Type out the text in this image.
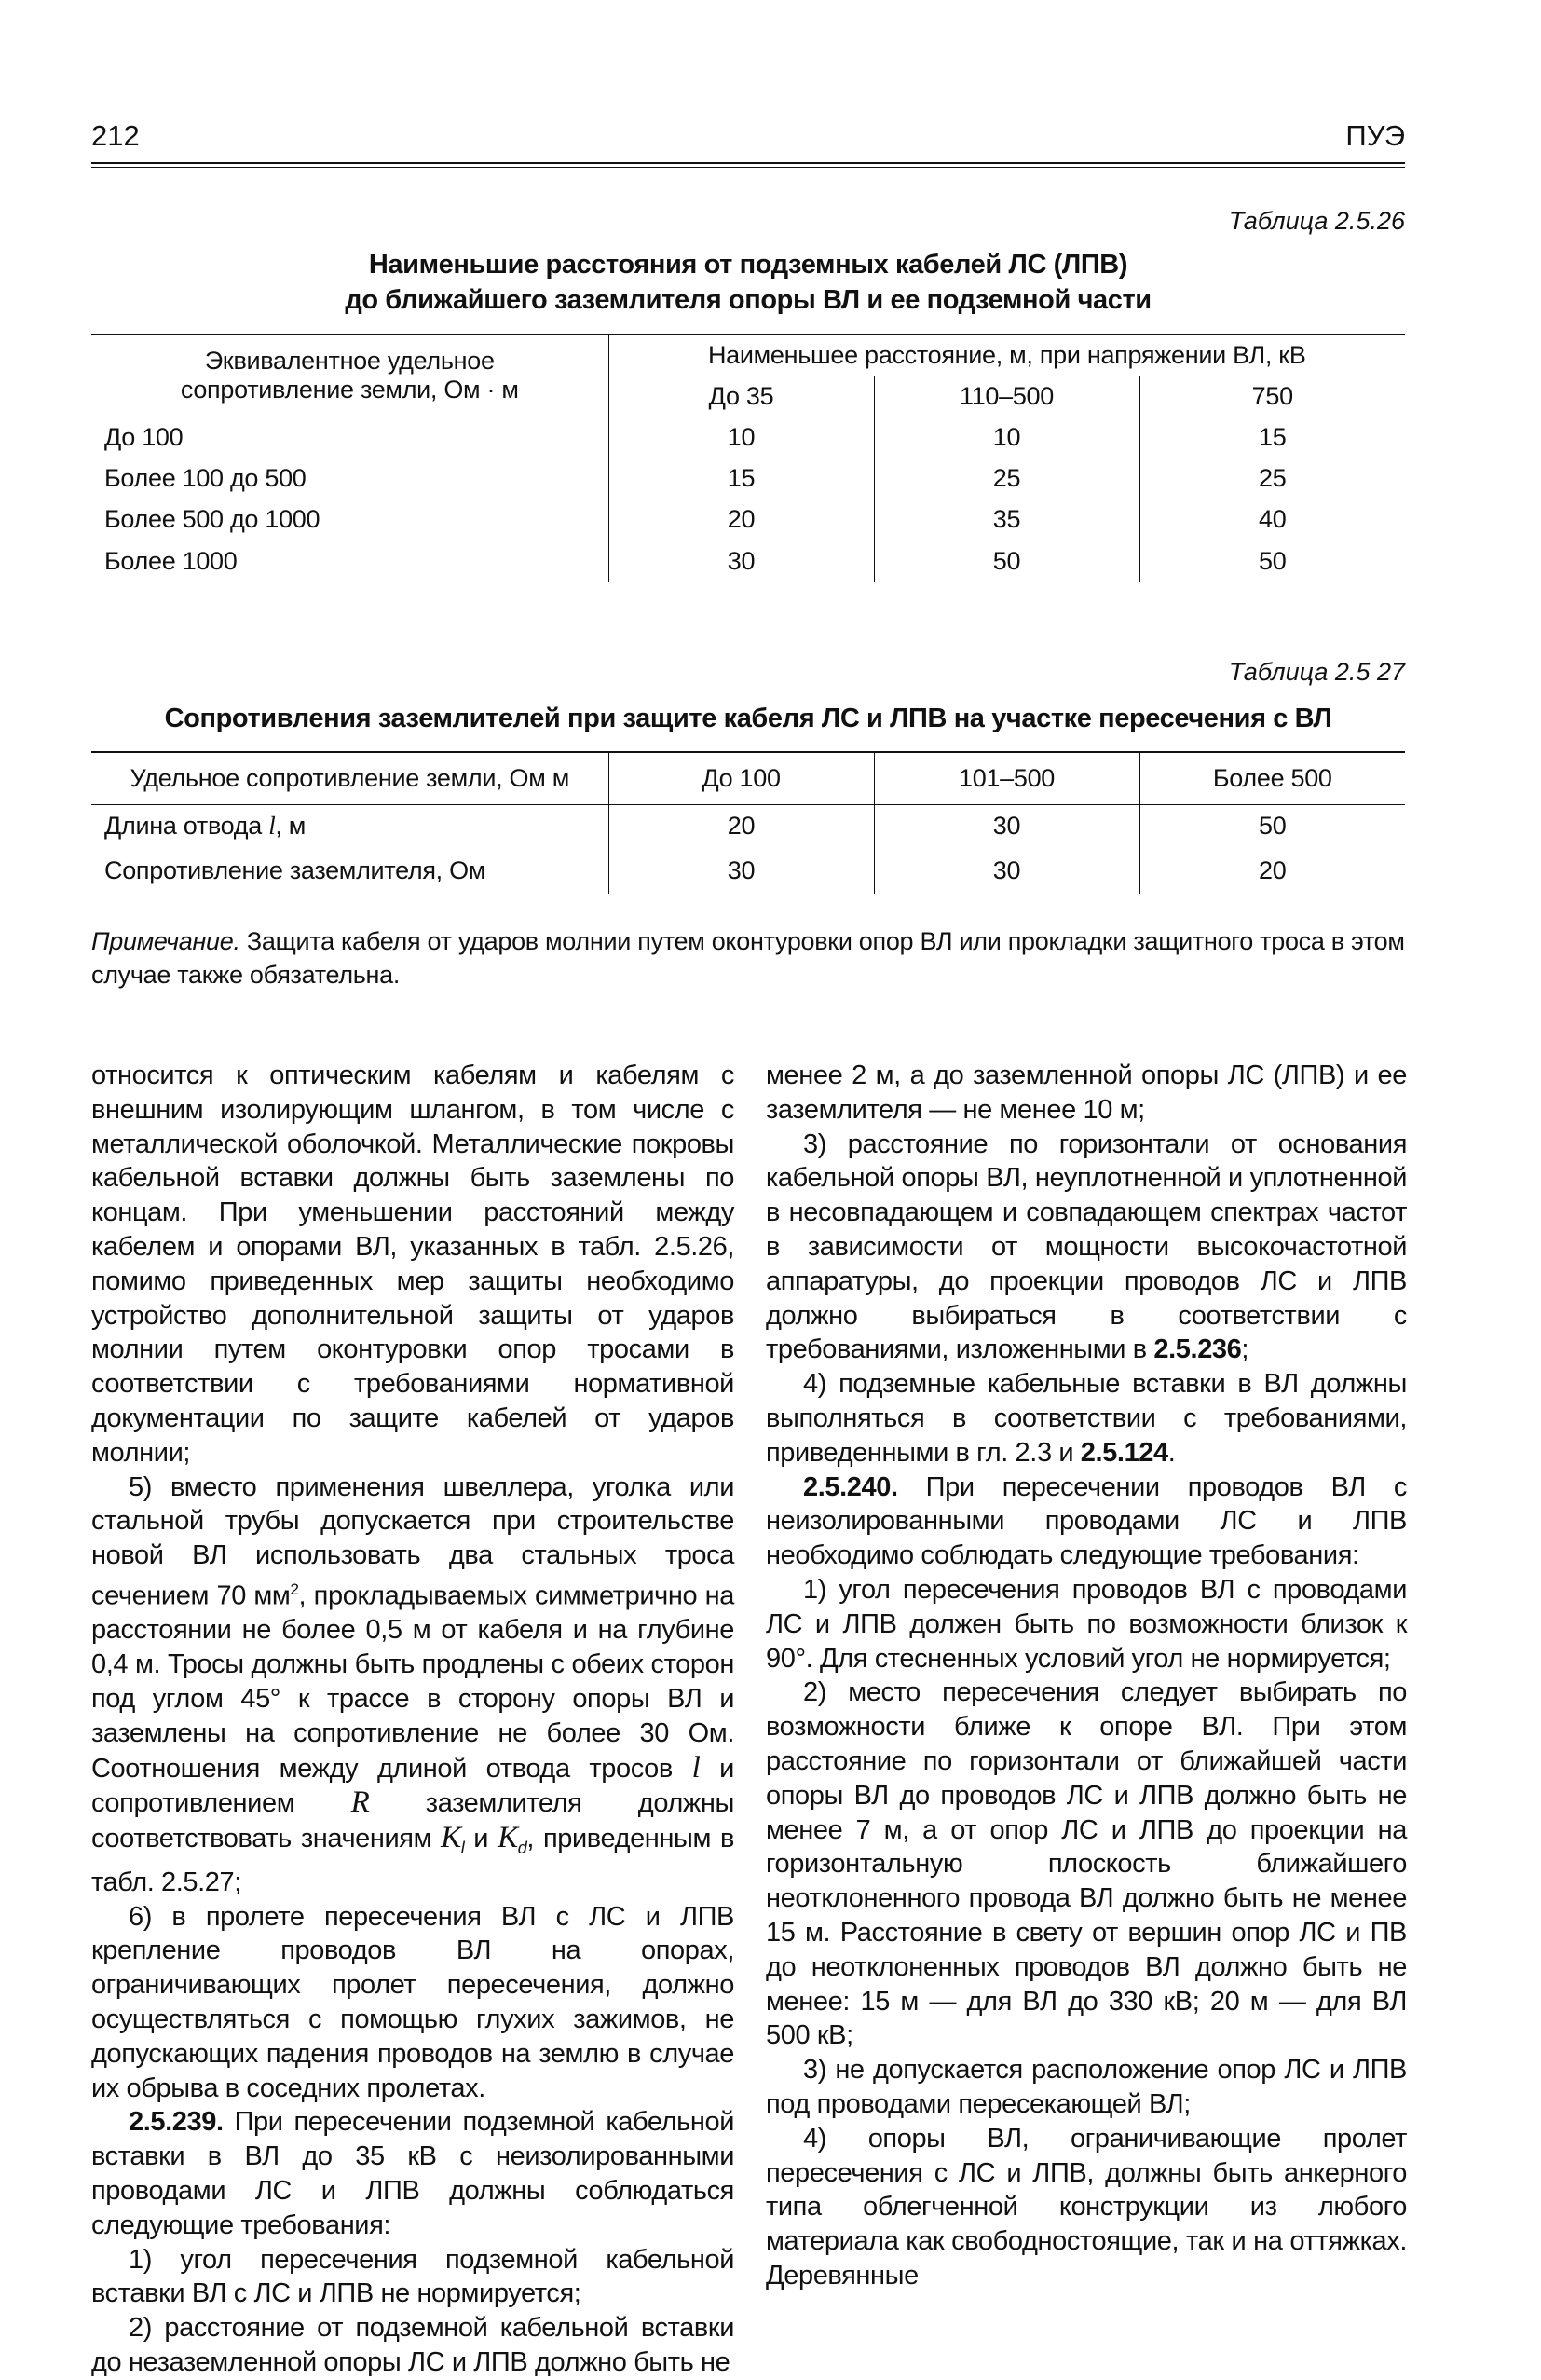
212	ПУЭ
Таблица 2.5.26
Наименьшие расстояния от подземных кабелей ЛС (ЛПВ)
до ближайшего заземлителя опоры ВЛ и ее подземной части
Эквивалентное удельное
сопротивление земли, Ом · м	Наименьшее расстояние, м, при напряжении ВЛ, кВ		
	До 35	110–500	750
До 100	10	10	15
Более 100 до 500	15	25	25
Более 500 до 1000	20	35	40
Более 1000	30	50	50
Таблица 2.5 27
Сопротивления заземлителей при защите кабеля ЛС и ЛПВ на участке пересечения с ВЛ
Удельное сопротивление земли, Ом м	До 100	101–500	Более 500
Длина отвода l, м	20	30	50
Сопротивление заземлителя, Ом	30	30	20
Примечание. Защита кабеля от ударов молнии путем оконтуровки опор ВЛ или прокладки защитного троса в этом случае также обязательна.

относится к оптическим кабелям и кабелям с внешним изолирующим шлангом, в том числе с металлической оболочкой. Металлические покровы кабельной вставки должны быть заземлены по концам. При уменьшении расстояний между кабелем и опорами ВЛ, указанных в табл. 2.5.26, помимо приведенных мер защиты необходимо устройство дополнительной защиты от ударов молнии путем оконтуровки опор тросами в соответствии с требованиями нормативной документации по защите кабелей от ударов молнии;

5) вместо применения швеллера, уголка или стальной трубы допускается при строительстве новой ВЛ использовать два стальных троса сечением 70 $мм^2$, прокладываемых симметрично на расстоянии не более 0,5 м от кабеля и на глубине 0,4 м. Тросы должны быть продлены с обеих сторон под углом 45° к трассе в сторону опоры ВЛ и заземлены на сопротивление не более 30 Ом. Соотношения между длиной отвода тросов l и сопротивлением R заземлителя должны соответствовать значениям $K_l$ и $K_d$, приведенным в табл. 2.5.27;

6) в пролете пересечения ВЛ с ЛС и ЛПВ крепление проводов ВЛ на опорах, ограничивающих пролет пересечения, должно осуществляться с помощью глухих зажимов, не допускающих падения проводов на землю в случае их обрыва в соседних пролетах.

2.5.239. При пересечении подземной кабельной вставки в ВЛ до 35 кВ с неизолированными проводами ЛС и ЛПВ должны соблюдаться следующие требования:

1) угол пересечения подземной кабельной вставки ВЛ с ЛС и ЛПВ не нормируется;

2) расстояние от подземной кабельной вставки до незаземленной опоры ЛС и ЛПВ должно быть не

менее 2 м, а до заземленной опоры ЛС (ЛПВ) и ее заземлителя — не менее 10 м;

3) расстояние по горизонтали от основания кабельной опоры ВЛ, неуплотненной и уплотненной в несовпадающем и совпадающем спектрах частот в зависимости от мощности высокочастотной аппаратуры, до проекции проводов ЛС и ЛПВ должно выбираться в соответствии с требованиями, изложенными в 2.5.236;

4) подземные кабельные вставки в ВЛ должны выполняться в соответствии с требованиями, приведенными в гл. 2.3 и 2.5.124.

2.5.240. При пересечении проводов ВЛ с неизолированными проводами ЛС и ЛПВ необходимо соблюдать следующие требования:

1) угол пересечения проводов ВЛ с проводами ЛС и ЛПВ должен быть по возможности близок к 90°. Для стесненных условий угол не нормируется;

2) место пересечения следует выбирать по возможности ближе к опоре ВЛ. При этом расстояние по горизонтали от ближайшей части опоры ВЛ до проводов ЛС и ЛПВ должно быть не менее 7 м, а от опор ЛС и ЛПВ до проекции на горизонтальную плоскость ближайшего неотклоненного провода ВЛ должно быть не менее 15 м. Расстояние в свету от вершин опор ЛС и ПВ до неотклоненных проводов ВЛ должно быть не менее: 15 м — для ВЛ до 330 кВ; 20 м — для ВЛ 500 кВ;

3) не допускается расположение опор ЛС и ЛПВ под проводами пересекающей ВЛ;

4) опоры ВЛ, ограничивающие пролет пересечения с ЛС и ЛПВ, должны быть анкерного типа облегченной конструкции из любого материала как свободностоящие, так и на оттяжках. Деревянные
